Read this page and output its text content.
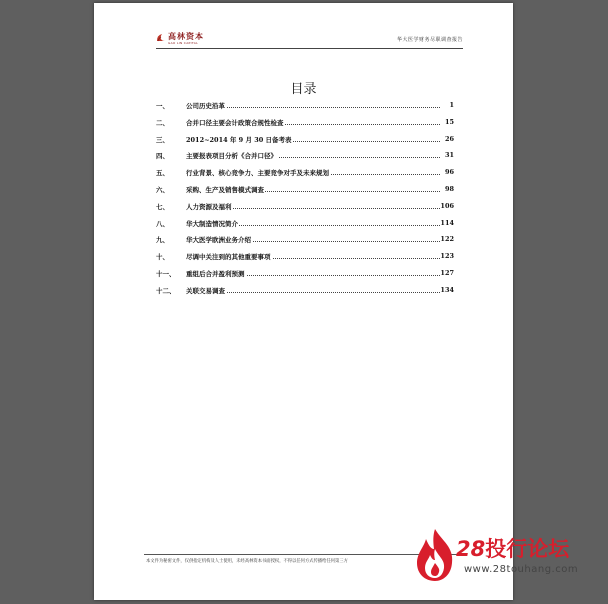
高林资本
GAO LIN CAPITAL	华大医学财务尽职调查报告
目录
一、	公司历史沿革	1
二、	合并口径主要会计政策合规性检查	15
三、	2012~2014 年 9 月 30 日备考表	26
四、	主要报表项目分析《合并口径》	31
五、	行业背景、核心竞争力、主要竞争对手及未来规划	96
六、	采购、生产及销售模式调查	98
七、	人力资源及福利	106
八、	华大制造情况简介	114
九、	华大医学欧洲业务介绍	122
十、	尽调中关注到的其他重要事项	123
十一、 重组后合并盈利预测	127
十二、 关联交易调查	134
本文件为秘密文件，仅供指定机构及人士使用，未经高林资本书面授权，不得以任何方式传播给任何第三方
28投行论坛
www.28touhang.com
